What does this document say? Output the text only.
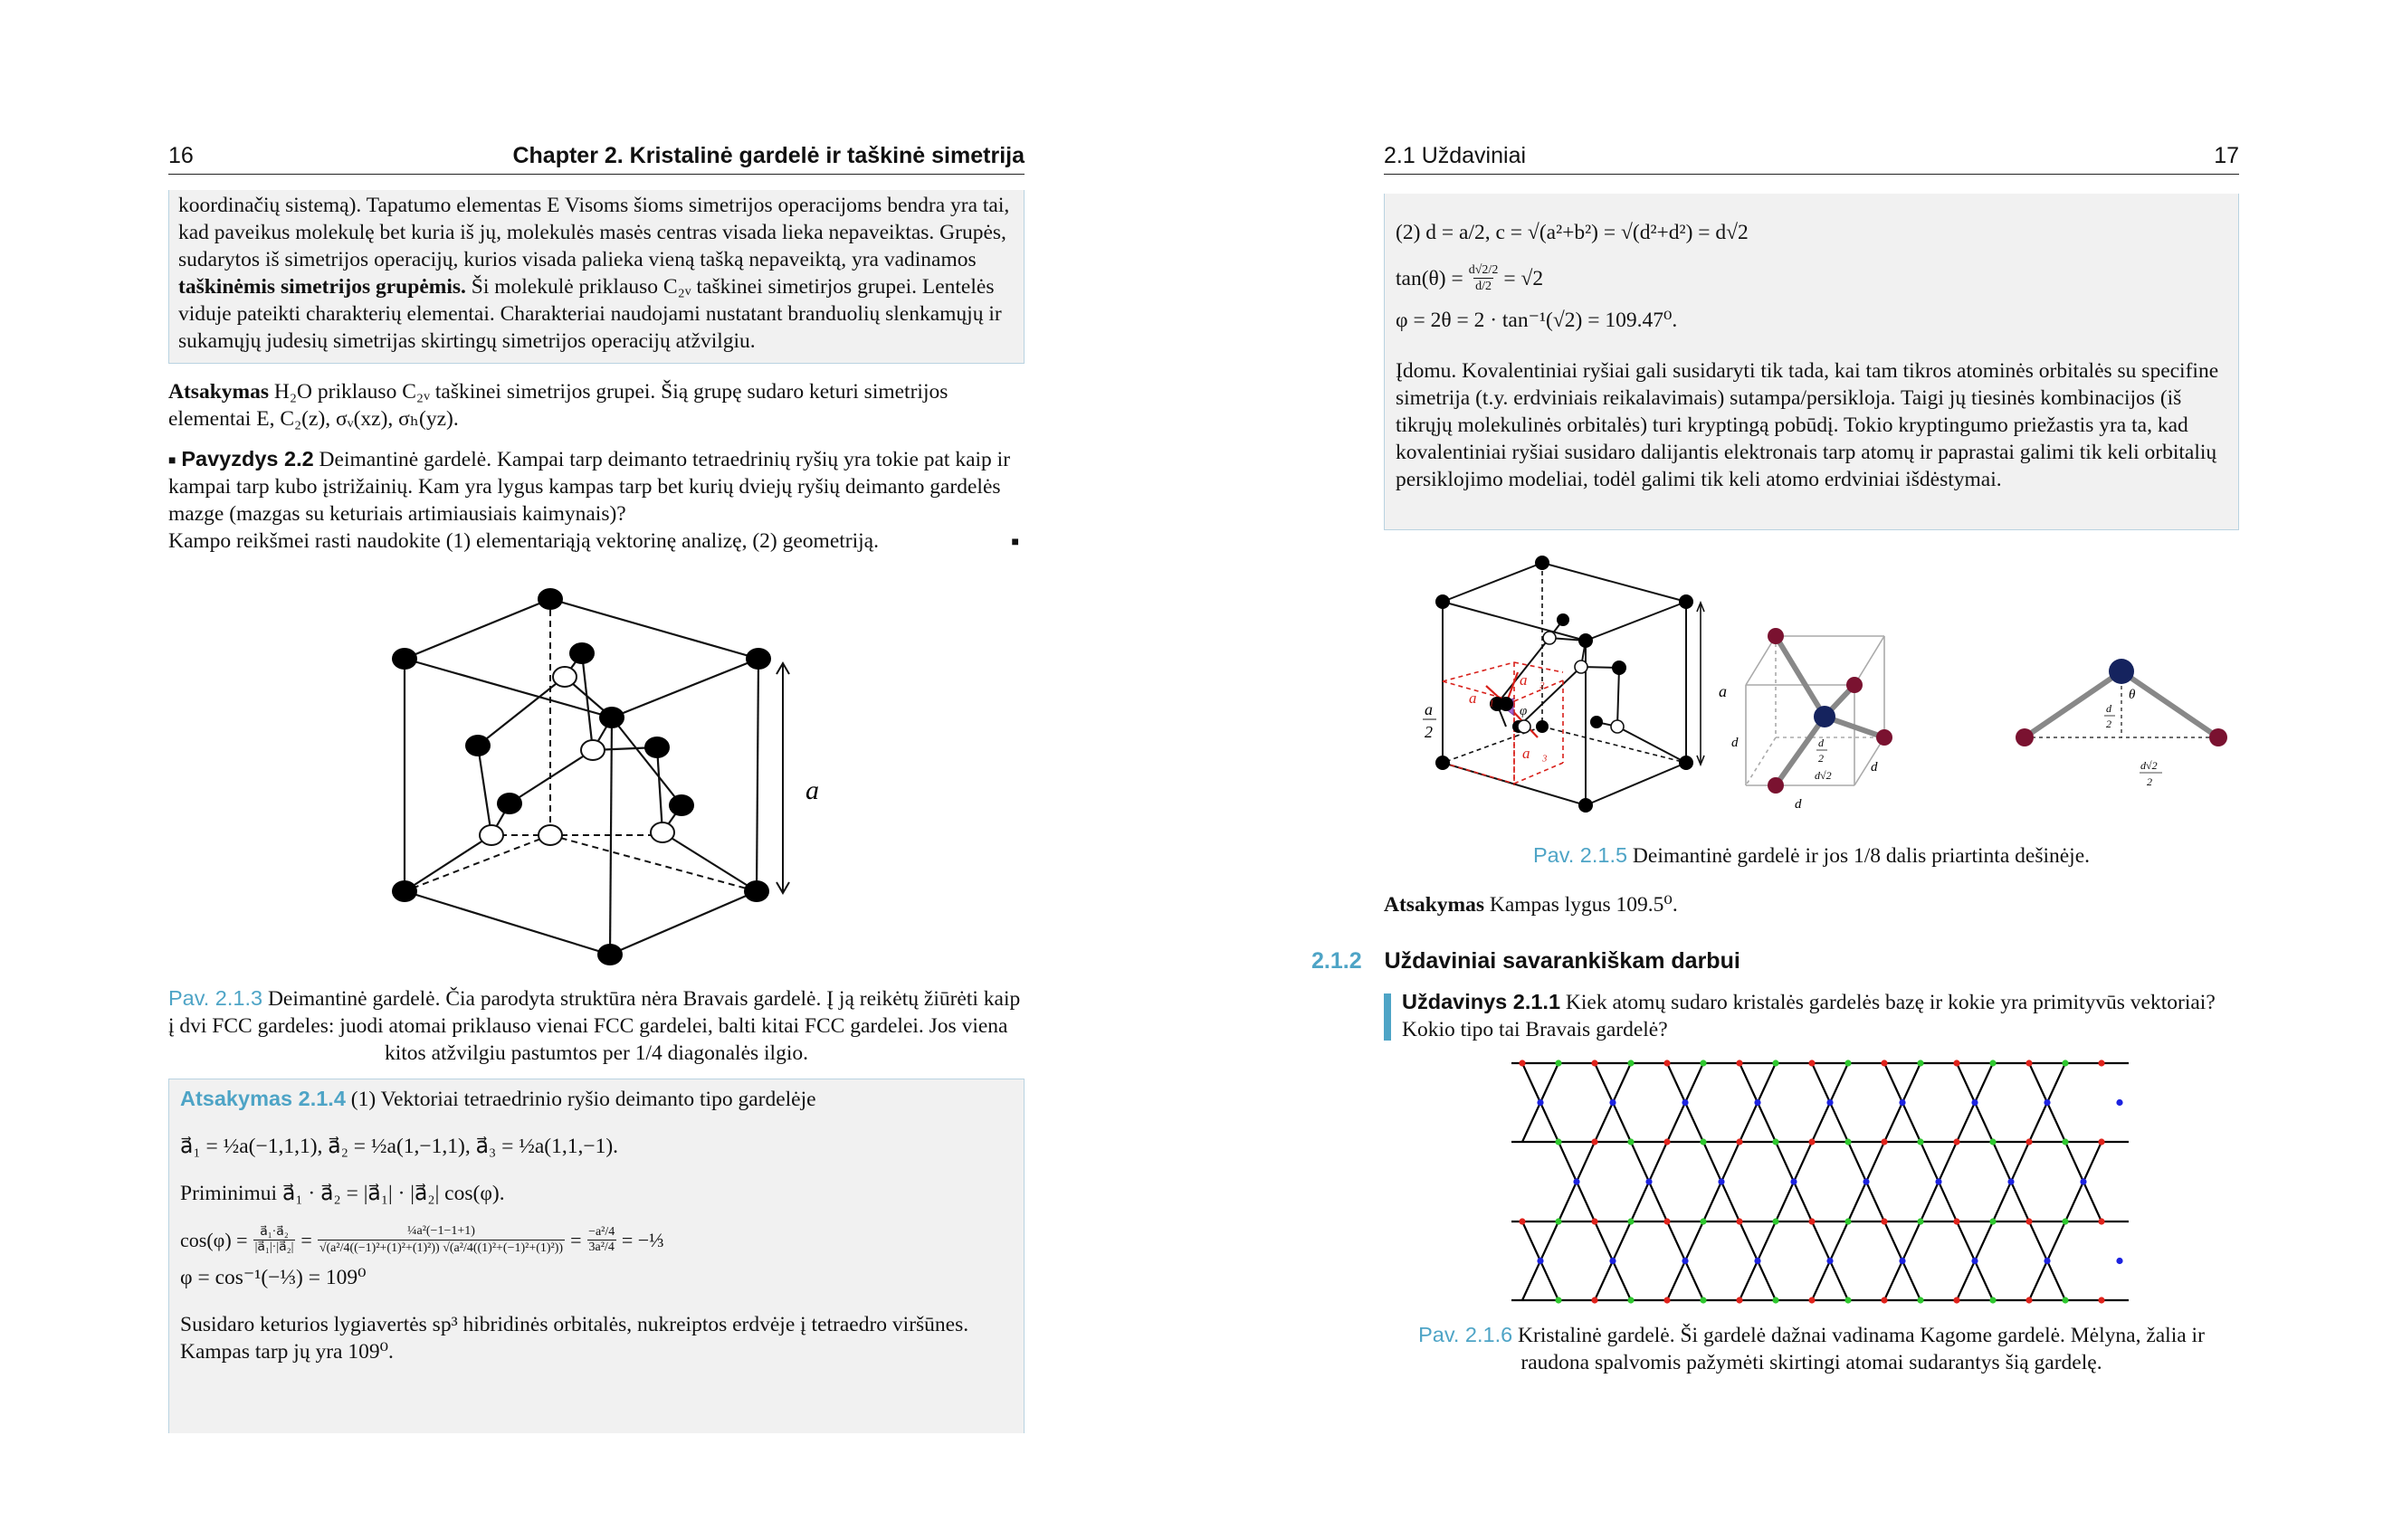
16	Chapter 2. Kristalinė gardelė ir taškinė simetrija
koordinačių sistemą). Tapatumo elementas E Visoms šioms simetrijos operacijoms bendra yra tai,
kad paveikus molekulę bet kuria iš jų, molekulės masės centras visada lieka nepaveiktas. Grupės,
sudarytos iš simetrijos operacijų, kurios visada palieka vieną tašką nepaveiktą, yra vadinamos
taškinėmis simetrijos grupėmis. Ši molekulė priklauso C₂ᵥ taškinei simetirjos grupei. Lentelės
viduje pateikti charakterių elementai. Charakteriai naudojami nustatant branduolių slenkamųjų ir
sukamųjų judesių simetrijas skirtingų simetrijos operacijų atžvilgiu.
Atsakymas H₂O priklauso C₂ᵥ taškinei simetrijos grupei. Šią grupę sudaro keturi simetrijos
elementai E, C₂(z), σᵥ(xz), σₕ(yz).
■ Pavyzdys 2.2 Deimantinė gardelė. Kampai tarp deimanto tetraedrinių ryšių yra tokie pat kaip ir
kampai tarp kubo įstrižainių. Kam yra lygus kampas tarp bet kurių dviejų ryšių deimanto gardelės
mazge (mazgas su keturiais artimiausiais kaimynais)?
Kampo reikšmei rasti naudokite (1) elementariąją vektorinę analizę, (2) geometriją.	■
a
Pav. 2.1.3 Deimantinė gardelė. Čia parodyta struktūra nėra Bravais gardelė. Į ją reikėtų žiūrėti kaip
į dvi FCC gardeles: juodi atomai priklauso vienai FCC gardelei, balti kitai FCC gardelei. Jos viena
kitos atžvilgiu pastumtos per 1/4 diagonalės ilgio.
Atsakymas 2.1.4 (1) Vektoriai tetraedrinio ryšio deimanto tipo gardelėje
a⃗₁ = ½a(−1,1,1), a⃗₂ = ½a(1,−1,1), a⃗₃ = ½a(1,1,−1).
Priminimui a⃗₁ · a⃗₂ = |a⃗₁| · |a⃗₂| cos(φ).
$\cos(\varphi) = \frac{\text{a⃗₁·a⃗₂}}{\text{|a⃗₁|·|a⃗₂|}} = \frac{\text{¼a²(−1−1+1)}}{\text{√(a²/4((−1)²+(1)²+(1)²)) √(a²/4((1)²+(−1)²+(1)²))}} = \frac{\text{−a²/4}}{\text{3a²/4}}$ = −⅓
φ = cos⁻¹(−⅓) = 109⁰
Susidaro keturios lygiavertės sp³ hibridinės orbitalės, nukreiptos erdvėje į tetraedro viršūnes.
Kampas tarp jų yra 109⁰.
2.1 Uždaviniai	17
(2) d = a/2, c = √(a²+b²) = √(d²+d²) = d√2
$\tan(\theta) = \frac{d√2/2}{d/2} = √2$
φ = 2θ = 2 · tan⁻¹(√2) = 109.47⁰.
Įdomu. Kovalentiniai ryšiai gali susidaryti tik tada, kai tam tikros atominės orbitalės su specifine
simetrija (t.y. erdviniais reikalavimais) sutampa/persikloja. Taigi jų tiesinės kombinacijos (iš
tikrųjų molekulinės orbitalės) turi kryptingą pobūdį. Tokio kryptingumo priežastis yra ta, kad
kovalentiniai ryšiai susidaro dalijantis elektronais tarp atomų ir paprastai galimi tik keli orbitalių
persiklojimo modeliai, todėl galimi tik keli atomo erdviniai išdėstymai.
a
a
2
a⃗₂
a⃗₁
φ
a⃗₃
d
d
d
d
2
d√2
θ
d
2
d√2
2
Pav. 2.1.5 Deimantinė gardelė ir jos 1/8 dalis priartinta dešinėje.
Atsakymas Kampas lygus 109.5⁰.
2.1.2 Uždaviniai savarankiškam darbui
Uždavinys 2.1.1 Kiek atomų sudaro kristalės gardelės bazę ir kokie yra primityvūs vektoriai?
Kokio tipo tai Bravais gardelė?
Pav. 2.1.6 Kristalinė gardelė. Ši gardelė dažnai vadinama Kagome gardelė. Mėlyna, žalia ir
raudona spalvomis pažymėti skirtingi atomai sudarantys šią gardelę.
